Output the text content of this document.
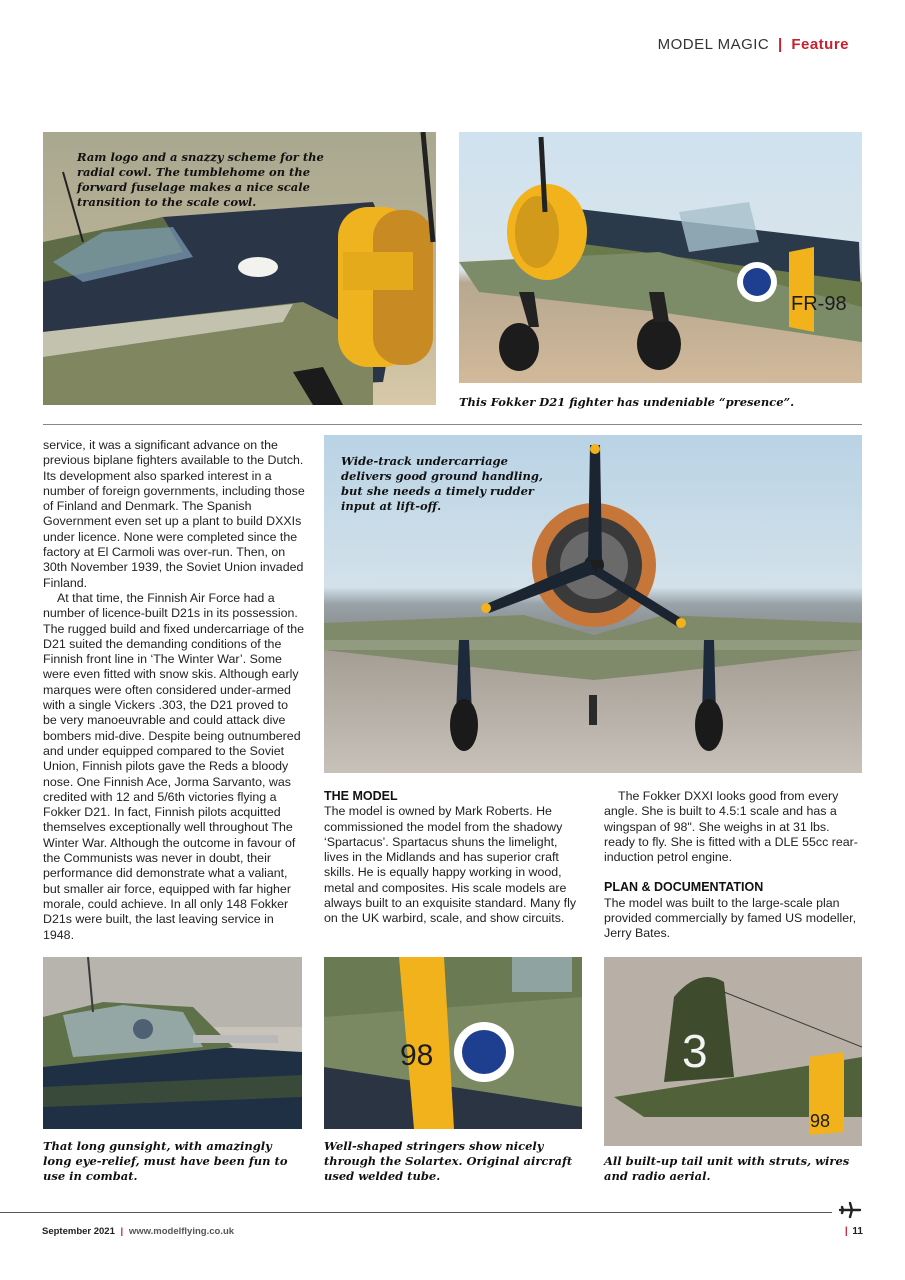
MODEL MAGIC | Feature
Ram logo and a snazzy scheme for the radial cowl. The tumblehome on the forward fuselage makes a nice scale transition to the scale cowl.
FR-98
This Fokker D21 fighter has undeniable “presence”.

service, it was a significant advance on the previous biplane fighters available to the Dutch. Its development also sparked interest in a number of foreign governments, including those of Finland and Denmark. The Spanish Government even set up a plant to build DXXIs under licence. None were completed since the factory at El Carmoli was over-run. Then, on 30th November 1939, the Soviet Union invaded Finland.

At that time, the Finnish Air Force had a number of licence-built D21s in its possession. The rugged build and fixed undercarriage of the D21 suited the demanding conditions of the Finnish front line in ‘The Winter War’. Some were even fitted with snow skis. Although early marques were often considered under-armed with a single Vickers .303, the D21 proved to be very manoeuvrable and could attack dive bombers mid-dive. Despite being outnumbered and under equipped compared to the Soviet Union, Finnish pilots gave the Reds a bloody nose. One Finnish Ace, Jorma Sarvanto, was credited with 12 and 5/6th victories flying a Fokker D21. In fact, Finnish pilots acquitted themselves exceptionally well throughout The Winter War. Although the outcome in favour of the Communists was never in doubt, their performance did demonstrate what a valiant, but smaller air force, equipped with far higher morale, could achieve. In all only 148 Fokker D21s were built, the last leaving service in 1948.

Wide-track undercarriage delivers good ground handling, but she needs a timely rudder input at lift-off.

THE MODEL

The model is owned by Mark Roberts. He commissioned the model from the shadowy ‘Spartacus’. Spartacus shuns the limelight, lives in the Midlands and has superior craft skills. He is equally happy working in wood, metal and composites. His scale models are always built to an exquisite standard. Many fly on the UK warbird, scale, and show circuits.

The Fokker DXXI looks good from every angle. She is built to 4.5:1 scale and has a wingspan of 98". She weighs in at 31 lbs. ready to fly. She is fitted with a DLE 55cc rear-induction petrol engine.

PLAN & DOCUMENTATION

The model was built to the large-scale plan provided commercially by famed US modeller, Jerry Bates.

That long gunsight, with amazingly long eye-relief, must have been fun to use in combat.
98
Well-shaped stringers show nicely through the Solartex. Original aircraft used welded tube.
3
98
All built-up tail unit with struts, wires and radio aerial.
September 2021 | www.modelflying.co.uk	| 11
